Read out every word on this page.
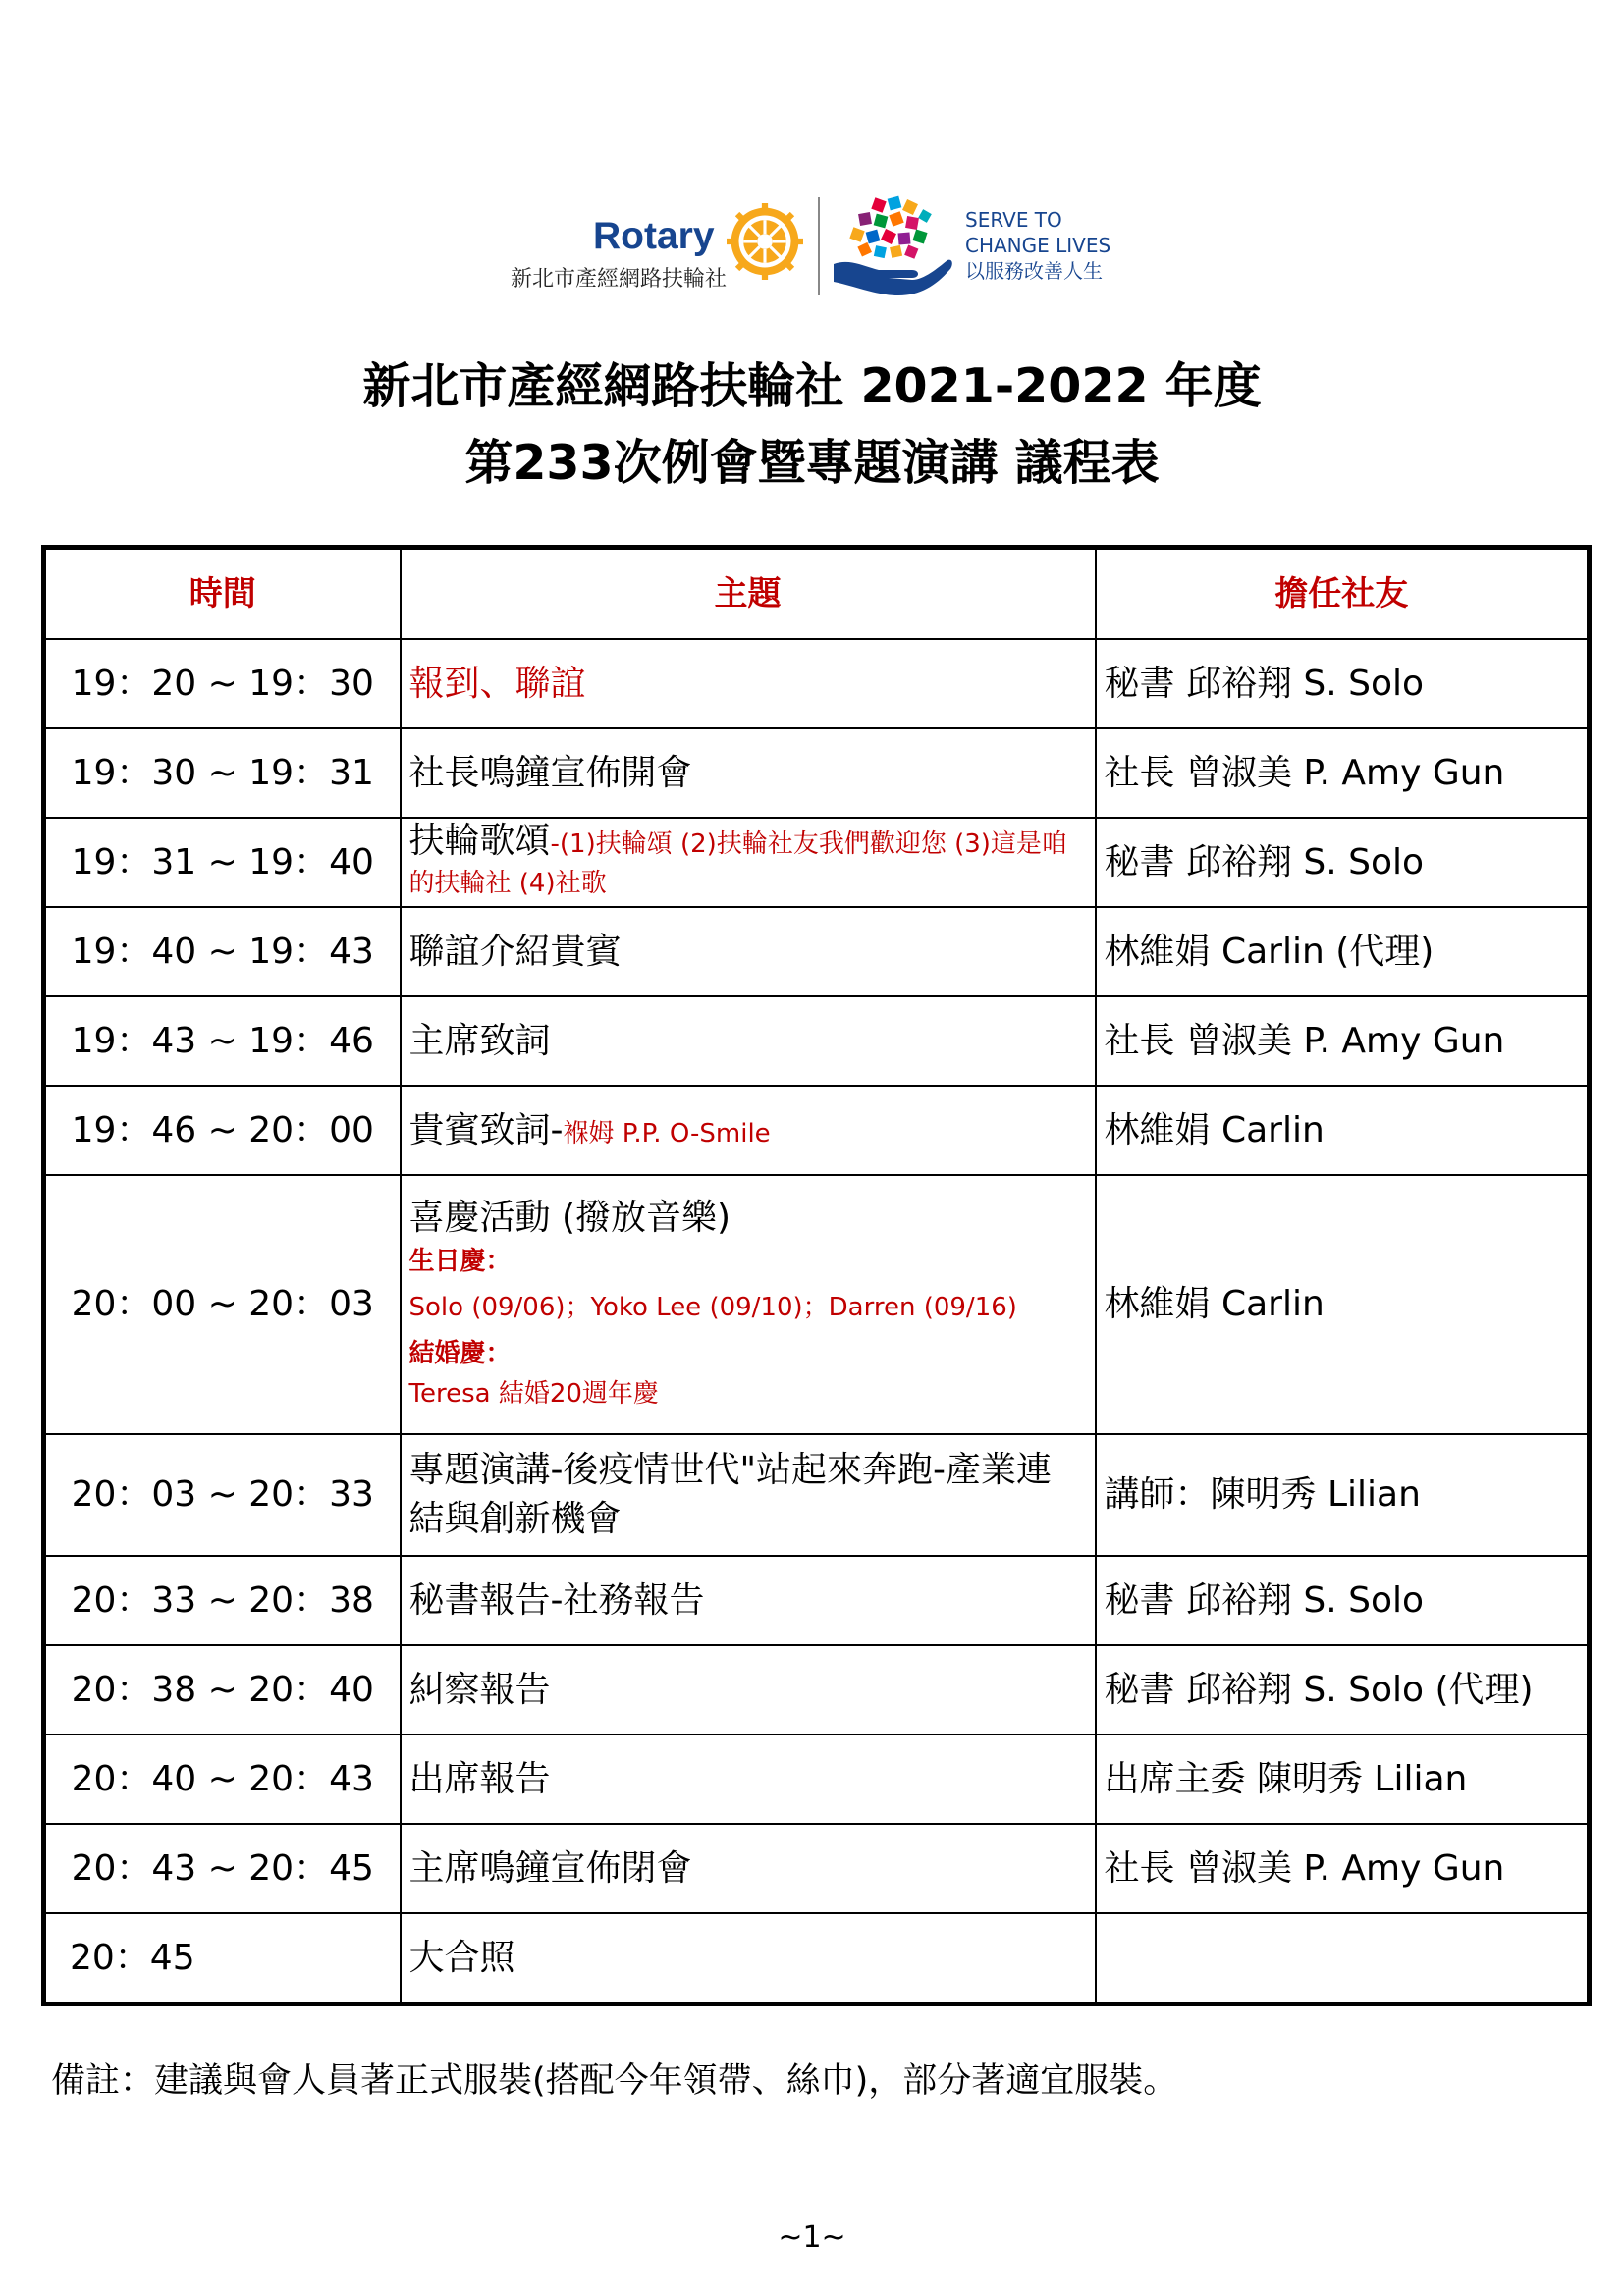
Rotary
新北市產經網路扶輪社
SERVE TO
CHANGE LIVES
以服務改善人生
新北市產經網路扶輪社 2021-2022 年度
第233次例會暨專題演講 議程表
時間	主題	擔任社友
19：20 ~ 19：30	報到、聯誼	秘書 邱裕翔 S. Solo
19：30 ~ 19：31	社長鳴鐘宣佈開會	社長 曾淑美 P. Amy Gun
19：31 ~ 19：40	扶輪歌頌-(1)扶輪頌 (2)扶輪社友我們歡迎您 (3)這是咱的扶輪社 (4)社歌	秘書 邱裕翔 S. Solo
19：40 ~ 19：43	聯誼介紹貴賓	林維娟 Carlin (代理)
19：43 ~ 19：46	主席致詞	社長 曾淑美 P. Amy Gun
19：46 ~ 20：00	貴賓致詞-褓姆 P.P. O-Smile	林維娟 Carlin
20：00 ~ 20：03	喜慶活動 (撥放音樂)
生日慶：
Solo (09/06)；Yoko Lee (09/10)；Darren (09/16)
結婚慶：
Teresa 結婚20週年慶	林維娟 Carlin
20：03 ~ 20：33	專題演講-後疫情世代"站起來奔跑-產業連結與創新機會	講師：陳明秀 Lilian
20：33 ~ 20：38	秘書報告-社務報告	秘書 邱裕翔 S. Solo
20：38 ~ 20：40	糾察報告	秘書 邱裕翔 S. Solo (代理)
20：40 ~ 20：43	出席報告	出席主委 陳明秀 Lilian
20：43 ~ 20：45	主席鳴鐘宣佈閉會	社長 曾淑美 P. Amy Gun
20：45	大合照	
備註：建議與會人員著正式服裝(搭配今年領帶、絲巾)，部分著適宜服裝。
~1~
